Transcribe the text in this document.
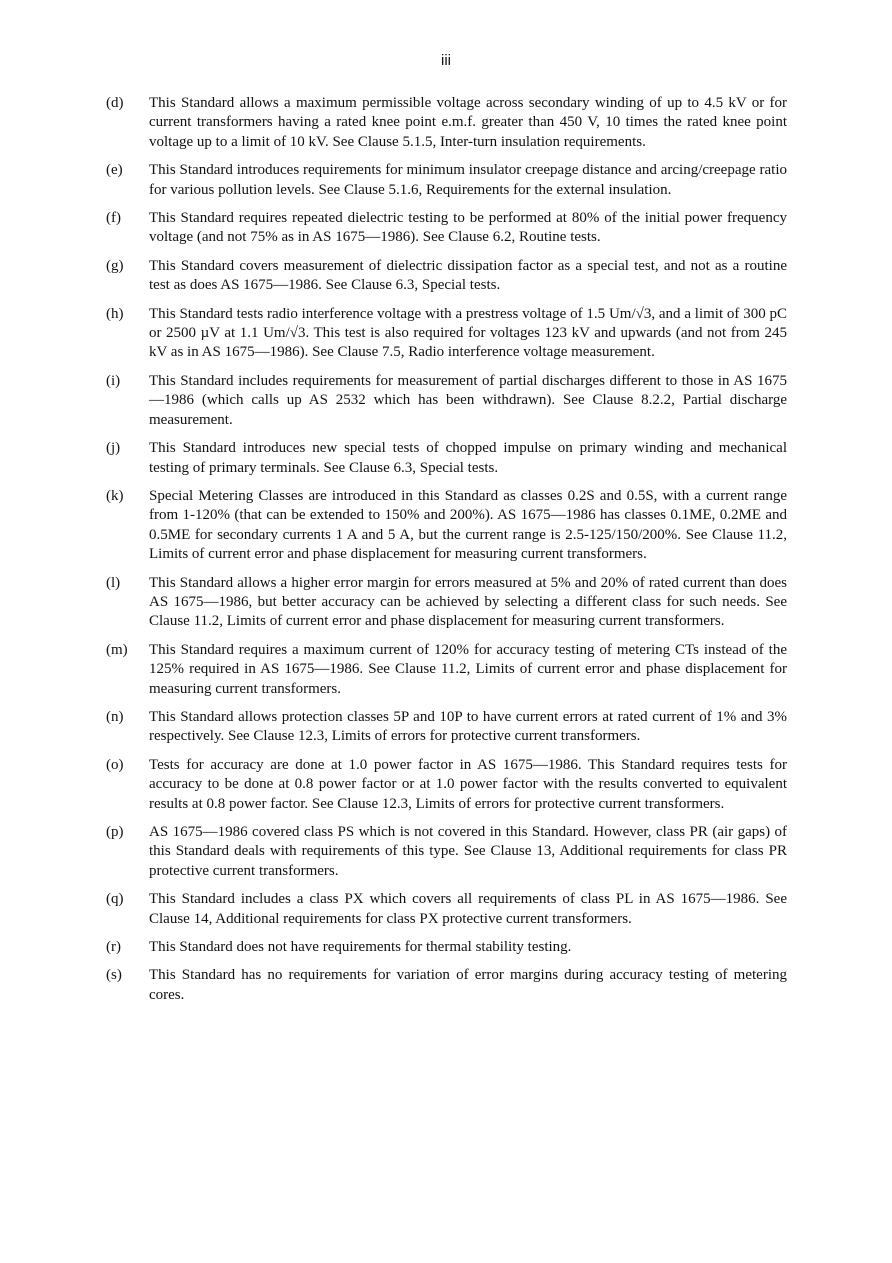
iii
(d)	This Standard allows a maximum permissible voltage across secondary winding of up to 4.5 kV or for current transformers having a rated knee point e.m.f. greater than 450 V, 10 times the rated knee point voltage up to a limit of 10 kV. See Clause 5.1.5, Inter-turn insulation requirements.
(e)	This Standard introduces requirements for minimum insulator creepage distance and arcing/creepage ratio for various pollution levels. See Clause 5.1.6, Requirements for the external insulation.
(f)	This Standard requires repeated dielectric testing to be performed at 80% of the initial power frequency voltage (and not 75% as in AS 1675—1986). See Clause 6.2, Routine tests.
(g)	This Standard covers measurement of dielectric dissipation factor as a special test, and not as a routine test as does AS 1675—1986. See Clause 6.3, Special tests.
(h)	This Standard tests radio interference voltage with a prestress voltage of 1.5 Um/√3, and a limit of 300 pC or 2500 µV at 1.1 Um/√3. This test is also required for voltages 123 kV and upwards (and not from 245 kV as in AS 1675—1986). See Clause 7.5, Radio interference voltage measurement.
(i)	This Standard includes requirements for measurement of partial discharges different to those in AS 1675—1986 (which calls up AS 2532 which has been withdrawn). See Clause 8.2.2, Partial discharge measurement.
(j)	This Standard introduces new special tests of chopped impulse on primary winding and mechanical testing of primary terminals. See Clause 6.3, Special tests.
(k)	Special Metering Classes are introduced in this Standard as classes 0.2S and 0.5S, with a current range from 1-120% (that can be extended to 150% and 200%). AS 1675—1986 has classes 0.1ME, 0.2ME and 0.5ME for secondary currents 1 A and 5 A, but the current range is 2.5-125/150/200%. See Clause 11.2, Limits of current error and phase displacement for measuring current transformers.
(l)	This Standard allows a higher error margin for errors measured at 5% and 20% of rated current than does AS 1675—1986, but better accuracy can be achieved by selecting a different class for such needs. See Clause 11.2, Limits of current error and phase displacement for measuring current transformers.
(m)	This Standard requires a maximum current of 120% for accuracy testing of metering CTs instead of the 125% required in AS 1675—1986. See Clause 11.2, Limits of current error and phase displacement for measuring current transformers.
(n)	This Standard allows protection classes 5P and 10P to have current errors at rated current of 1% and 3% respectively. See Clause 12.3, Limits of errors for protective current transformers.
(o)	Tests for accuracy are done at 1.0 power factor in AS 1675—1986. This Standard requires tests for accuracy to be done at 0.8 power factor or at 1.0 power factor with the results converted to equivalent results at 0.8 power factor. See Clause 12.3, Limits of errors for protective current transformers.
(p)	AS 1675—1986 covered class PS which is not covered in this Standard. However, class PR (air gaps) of this Standard deals with requirements of this type. See Clause 13, Additional requirements for class PR protective current transformers.
(q)	This Standard includes a class PX which covers all requirements of class PL in AS 1675—1986. See Clause 14, Additional requirements for class PX protective current transformers.
(r)	This Standard does not have requirements for thermal stability testing.
(s)	This Standard has no requirements for variation of error margins during accuracy testing of metering cores.
